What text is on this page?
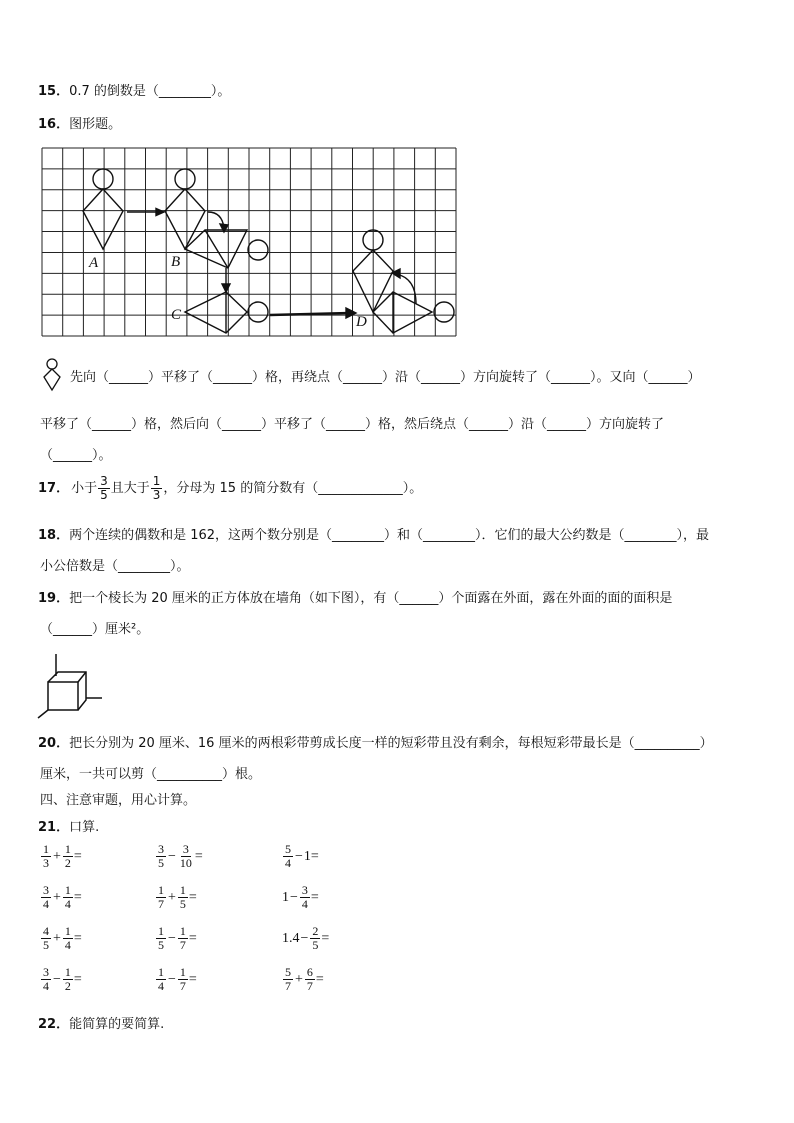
15．0.7 的倒数是（________）。
16．图形题。
A	B
C	D
先向（______）平移了（______）格，再绕点（______）沿（______）方向旋转了（______）。又向（______）
平移了（______）格，然后向（______）平移了（______）格，然后绕点（______）沿（______）方向旋转了
（______）。
17． 小于 $\frac{3}{5}$ 且大于 $\frac{1}{3}$ ，分母为 15 的简分数有（_____________）。
18．两个连续的偶数和是 162，这两个数分别是（________）和（________）．它们的最大公约数是（________），最
小公倍数是（________）。
19．把一个棱长为 20 厘米的正方体放在墙角（如下图），有（______）个面露在外面，露在外面的面的面积是
（______）厘米²。
20．把长分别为 20 厘米、16 厘米的两根彩带剪成长度一样的短彩带且没有剩余，每根短彩带最长是（__________）
厘米，一共可以剪（__________）根。
四、注意审题，用心计算。
21．口算.
$\frac{1}{3} + \frac{1}{2}$ =	$\frac{3}{5} - \frac{3}{10}$ =	$\frac{5}{4} - 1$ =
$\frac{3}{4} + \frac{1}{4}$ =	$\frac{1}{7} + \frac{1}{5}$ =	$1 - \frac{3}{4}$ =
$\frac{4}{5} + \frac{1}{4}$ =	$\frac{1}{5} - \frac{1}{7}$ =	$1.4 - \frac{2}{5}$ =
$\frac{3}{4} - \frac{1}{2}$ =	$\frac{1}{4} - \frac{1}{7}$ =	$\frac{5}{7} + \frac{6}{7}$ =
22．能简算的要简算.
